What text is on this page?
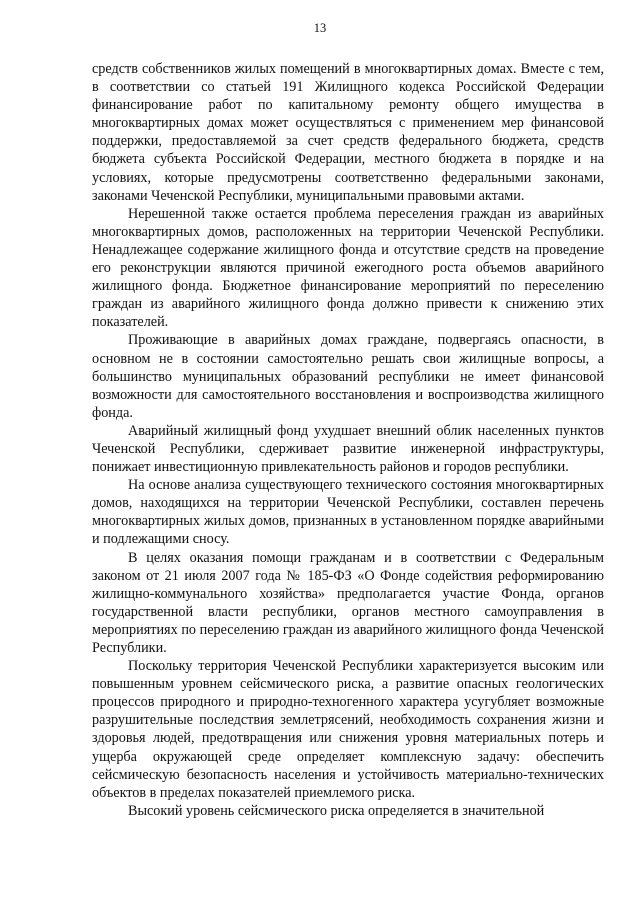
13

средств собственников жилых помещений в многоквартирных домах. Вместе с тем, в соответствии со статьей 191 Жилищного кодекса Российской Федерации финансирование работ по капитальному ремонту общего имущества в многоквартирных домах может осуществляться с применением мер финансовой поддержки, предоставляемой за счет средств федерального бюджета, средств бюджета субъекта Российской Федерации, местного бюджета в порядке и на условиях, которые предусмотрены соответственно федеральными законами, законами Чеченской Республики, муниципальными правовыми актами.

Нерешенной также остается проблема переселения граждан из аварийных многоквартирных домов, расположенных на территории Чеченской Республики. Ненадлежащее содержание жилищного фонда и отсутствие средств на проведение его реконструкции являются причиной ежегодного роста объемов аварийного жилищного фонда. Бюджетное финансирование мероприятий по переселению граждан из аварийного жилищного фонда должно привести к снижению этих показателей.

Проживающие в аварийных домах граждане, подвергаясь опасности, в основном не в состоянии самостоятельно решать свои жилищные вопросы, а большинство муниципальных образований республики не имеет финансовой возможности для самостоятельного восстановления и воспроизводства жилищного фонда.

Аварийный жилищный фонд ухудшает внешний облик населенных пунктов Чеченской Республики, сдерживает развитие инженерной инфраструктуры, понижает инвестиционную привлекательность районов и городов республики.

На основе анализа существующего технического состояния многоквартирных домов, находящихся на территории Чеченской Республики, составлен перечень многоквартирных жилых домов, признанных в установленном порядке аварийными и подлежащими сносу.

В целях оказания помощи гражданам и в соответствии с Федеральным законом от 21 июля 2007 года № 185-ФЗ «О Фонде содействия реформированию жилищно-коммунального хозяйства» предполагается участие Фонда, органов государственной власти республики, органов местного самоуправления в мероприятиях по переселению граждан из аварийного жилищного фонда Чеченской Республики.

Поскольку территория Чеченской Республики характеризуется высоким или повышенным уровнем сейсмического риска, а развитие опасных геологических процессов природного и природно-техногенного характера усугубляет возможные разрушительные последствия землетрясений, необходимость сохранения жизни и здоровья людей, предотвращения или снижения уровня материальных потерь и ущерба окружающей среде определяет комплексную задачу: обеспечить сейсмическую безопасность населения и устойчивость материально-технических объектов в пределах показателей приемлемого риска.

Высокий уровень сейсмического риска определяется в значительной
